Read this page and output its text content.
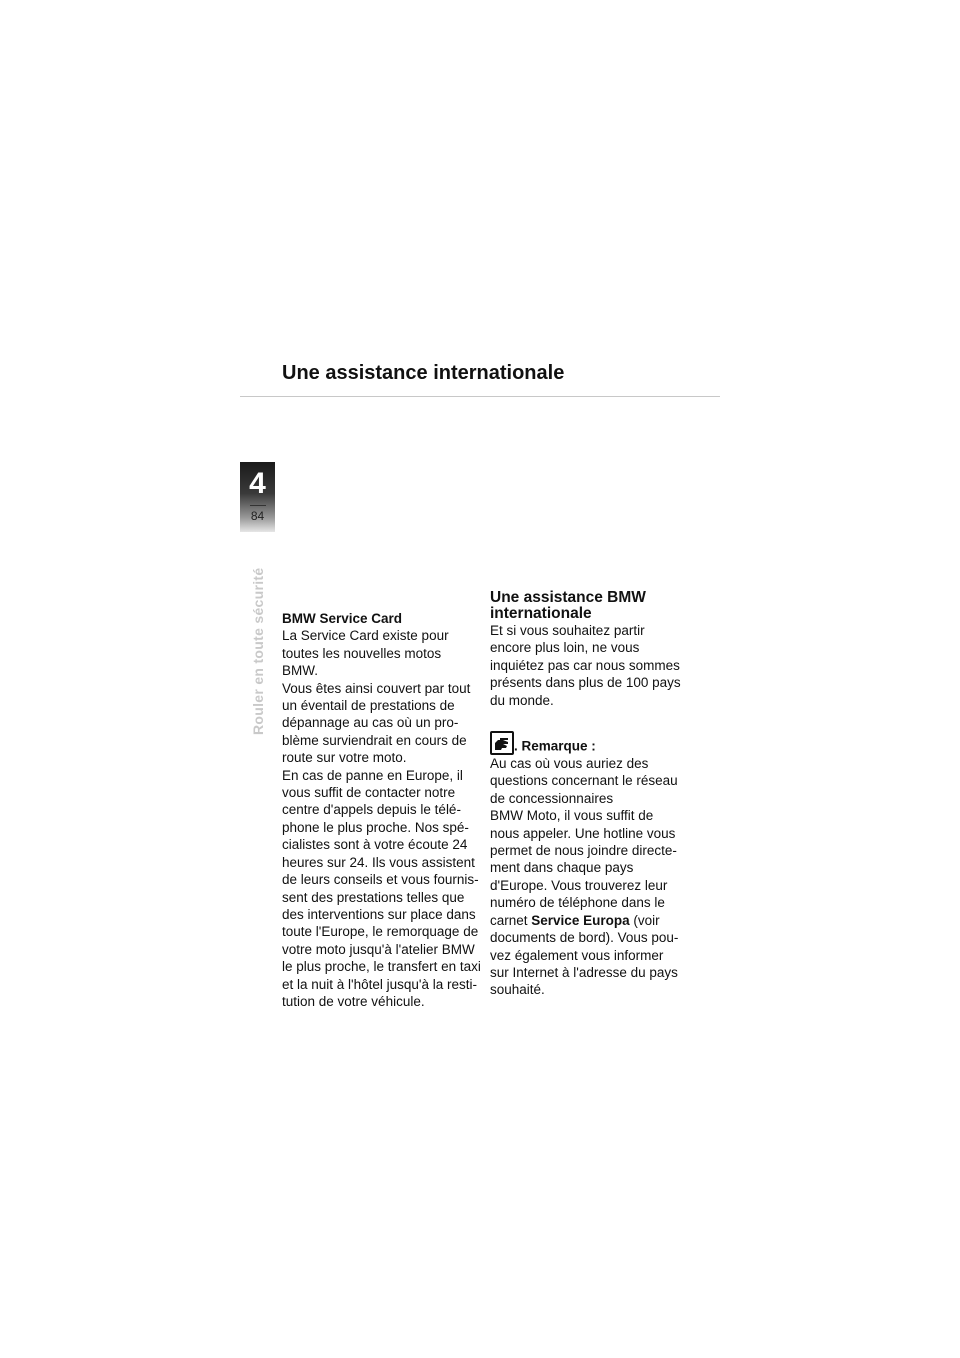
Une assistance internationale
4
84
Rouler en toute sécurité BMW Service Card

La Service Card existe pour

toutes les nouvelles motos

BMW.

Vous êtes ainsi couvert par tout

un éventail de prestations de

dépannage au cas où un pro-

blème surviendrait en cours de

route sur votre moto.

En cas de panne en Europe, il

vous suffit de contacter notre

centre d'appels depuis le télé-

phone le plus proche. Nos spé-

cialistes sont à votre écoute 24

heures sur 24. Ils vous assistent

de leurs conseils et vous fournis-

sent des prestations telles que

des interventions sur place dans

toute l'Europe, le remorquage de

votre moto jusqu'à l'atelier BMW

le plus proche, le transfert en taxi

et la nuit à l'hôtel jusqu'à la resti-

tution de votre véhicule.

Une assistance BMW
internationale

Et si vous souhaitez partir

encore plus loin, ne vous

inquiétez pas car nous sommes

présents dans plus de 100 pays

du monde.

. Remarque :

Au cas où vous auriez des

questions concernant le réseau

de concessionnaires

BMW Moto, il vous suffit de

nous appeler. Une hotline vous

permet de nous joindre directe-

ment dans chaque pays

d'Europe. Vous trouverez leur

numéro de téléphone dans le

carnet Service Europa (voir

documents de bord). Vous pou-

vez également vous informer

sur Internet à l'adresse du pays

souhaité.
